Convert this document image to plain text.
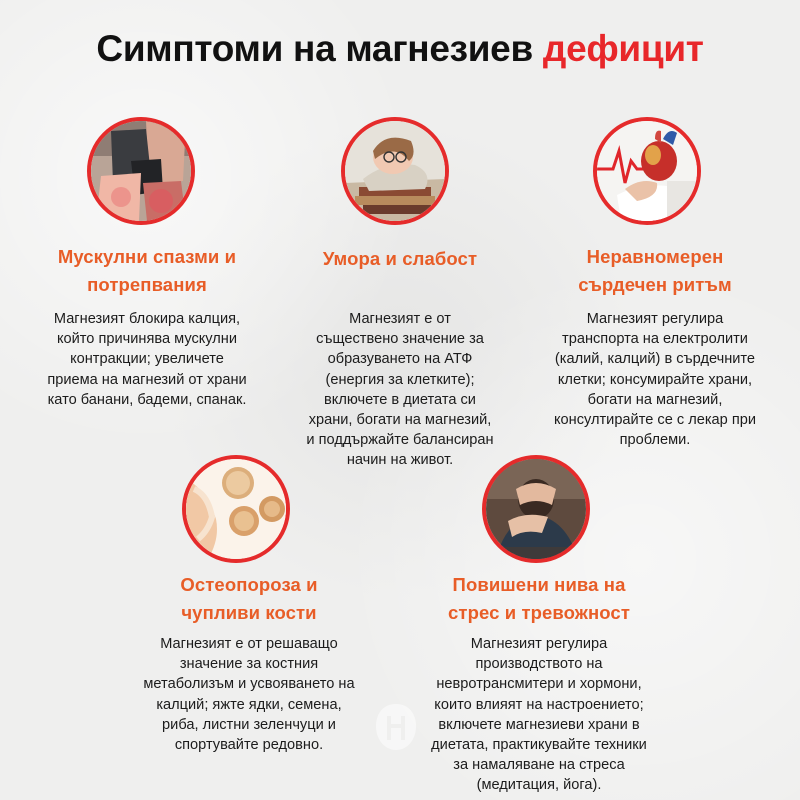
Симптоми на магнезиев дефицит
Мускулни спазми и
потрепвания
Магнезият блокира калция,
който причинява мускулни
контракции; увеличете
приема на магнезий от храни
като банани, бадеми, спанак.
Умора и слабост
Магнезият е от
съществено значение за
образуването на АТФ
(енергия за клетките);
включете в диетата си
храни, богати на магнезий,
и поддържайте балансиран
начин на живот.
Неравномерен
сърдечен ритъм
Магнезият регулира
транспорта на електролити
(калий, калций) в сърдечните
клетки; консумирайте храни,
богати на магнезий,
консултирайте се с лекар при
проблеми.
Остеопороза и
чупливи кости
Магнезият е от решаващо
значение за костния
метаболизъм и усвояването на
калций; яжте ядки, семена,
риба, листни зеленчуци и
спортувайте редовно.
Повишени нива на
стрес и тревожност
Магнезият регулира
производството на
невротрансмитери и хормони,
които влияят на настроението;
включете магнезиеви храни в
диетата, практикувайте техники
за намаляване на стреса
(медитация, йога).
